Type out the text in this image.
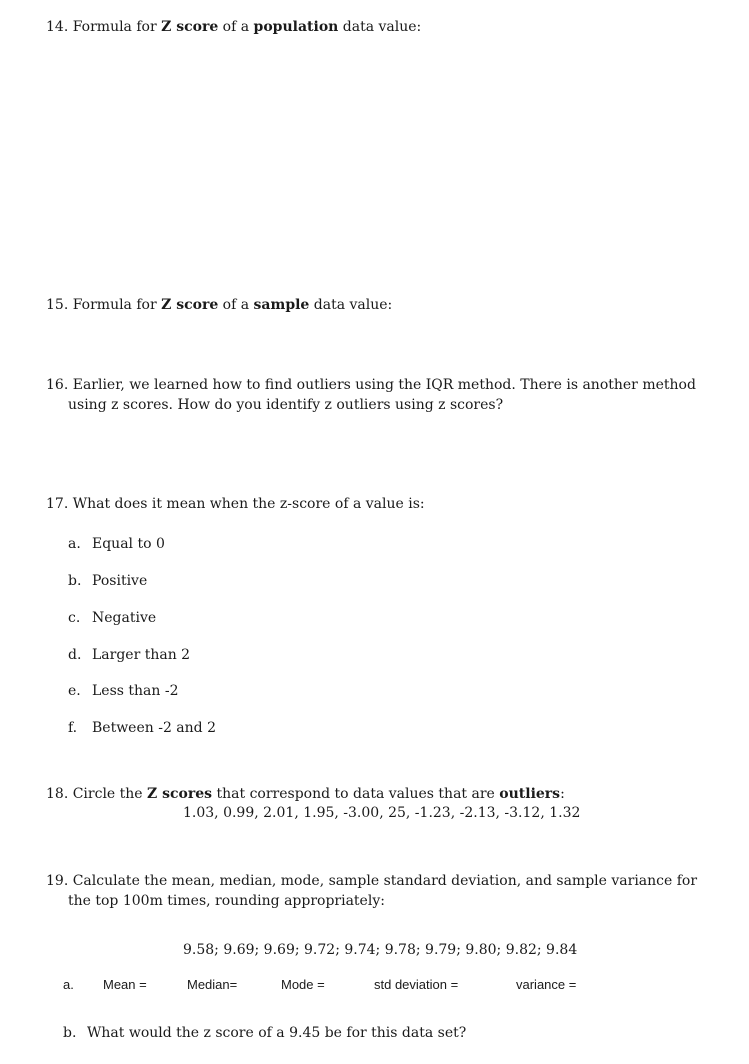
14. Formula for Z score of a population data value:
15. Formula for Z score of a sample data value:
16. Earlier, we learned how to find outliers using the IQR method. There is another method
using z scores. How do you identify z outliers using z scores?
17. What does it mean when the z-score of a value is:
a. Equal to 0
b. Positive
c. Negative
d. Larger than 2
e. Less than -2
f. Between -2 and 2
18. Circle the Z scores that correspond to data values that are outliers:
1.03, 0.99, 2.01, 1.95, -3.00, 25, -1.23, -2.13, -3.12, 1.32
19. Calculate the mean, median, mode, sample standard deviation, and sample variance for
the top 100m times, rounding appropriately:
9.58; 9.69; 9.69; 9.72; 9.74; 9.78; 9.79; 9.80; 9.82; 9.84
a. Mean =	Median=	Mode =	std deviation =	variance =
b. What would the z score of a 9.45 be for this data set?
